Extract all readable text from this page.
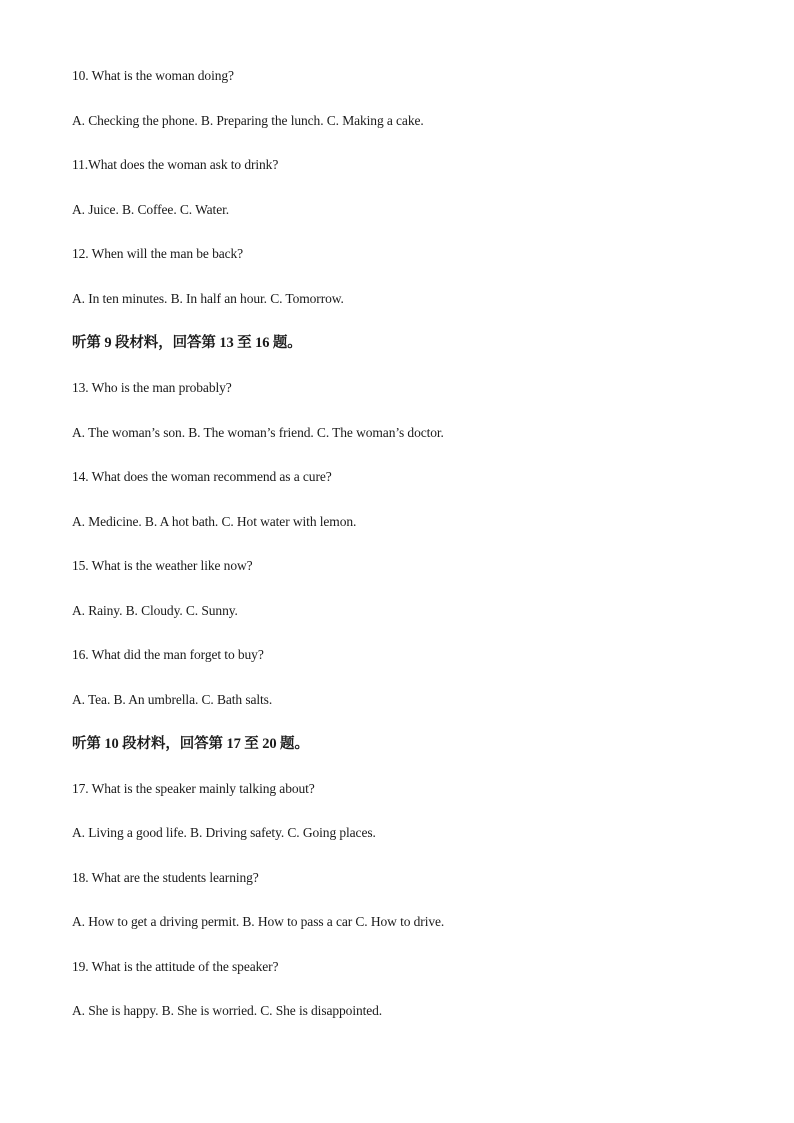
10. What is the woman doing?
A. Checking the phone. B. Preparing the lunch. C. Making a cake.
11.What does the woman ask to drink?
A. Juice. B. Coffee. C. Water.
12. When will the man be back?
A. In ten minutes. B. In half an hour. C. Tomorrow.
听第 9 段材料，回答第 13 至 16 题。
13. Who is the man probably?
A. The woman’s son. B. The woman’s friend. C. The woman’s doctor.
14. What does the woman recommend as a cure?
A. Medicine. B. A hot bath. C. Hot water with lemon.
15. What is the weather like now?
A. Rainy. B. Cloudy. C. Sunny.
16. What did the man forget to buy?
A. Tea. B. An umbrella. C. Bath salts.
听第 10 段材料，回答第 17 至 20 题。
17. What is the speaker mainly talking about?
A. Living a good life. B. Driving safety. C. Going places.
18. What are the students learning?
A. How to get a driving permit. B. How to pass a car C. How to drive.
19. What is the attitude of the speaker?
A. She is happy. B. She is worried. C. She is disappointed.
